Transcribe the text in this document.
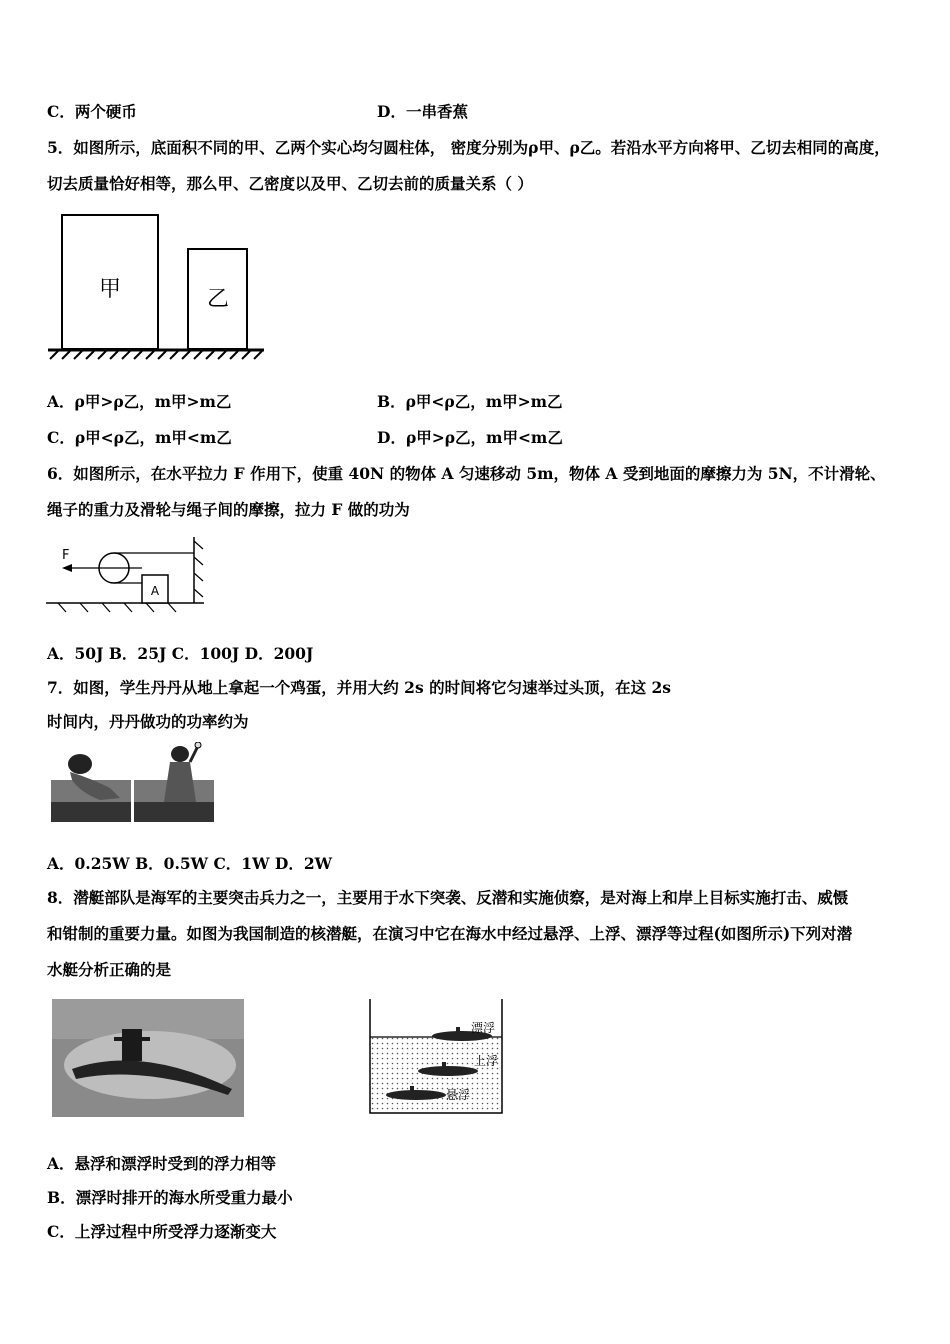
C．两个硬币	D．一串香蕉
5．如图所示，底面积不同的甲、乙两个实心均匀圆柱体， 密度分别为ρ甲、ρ乙。若沿水平方向将甲、乙切去相同的高度，
切去质量恰好相等，那么甲、乙密度以及甲、乙切去前的质量关系（ ）
甲	乙
A．ρ甲>ρ乙，m甲>m乙	B．ρ甲<ρ乙，m甲>m乙
C．ρ甲<ρ乙，m甲<m乙	D．ρ甲>ρ乙，m甲<m乙
6．如图所示，在水平拉力 F 作用下，使重 40N 的物体 A 匀速移动 5m，物体 A 受到地面的摩擦力为 5N，不计滑轮、
绳子的重力及滑轮与绳子间的摩擦，拉力 F 做的功为
F
A
A．50J B．25J C．100J D．200J
7．如图，学生丹丹从地上拿起一个鸡蛋，并用大约 2s 的时间将它匀速举过头顶，在这 2s
时间内，丹丹做功的功率约为
A．0.25W B．0.5W C．1W D．2W
8．潜艇部队是海军的主要突击兵力之一，主要用于水下突袭、反潜和实施侦察，是对海上和岸上目标实施打击、威慑
和钳制的重要力量。如图为我国制造的核潜艇，在演习中它在海水中经过悬浮、上浮、漂浮等过程(如图所示)下列对潜
水艇分析正确的是
漂浮
上浮
悬浮
A．悬浮和漂浮时受到的浮力相等
B．漂浮时排开的海水所受重力最小
C．上浮过程中所受浮力逐渐变大
